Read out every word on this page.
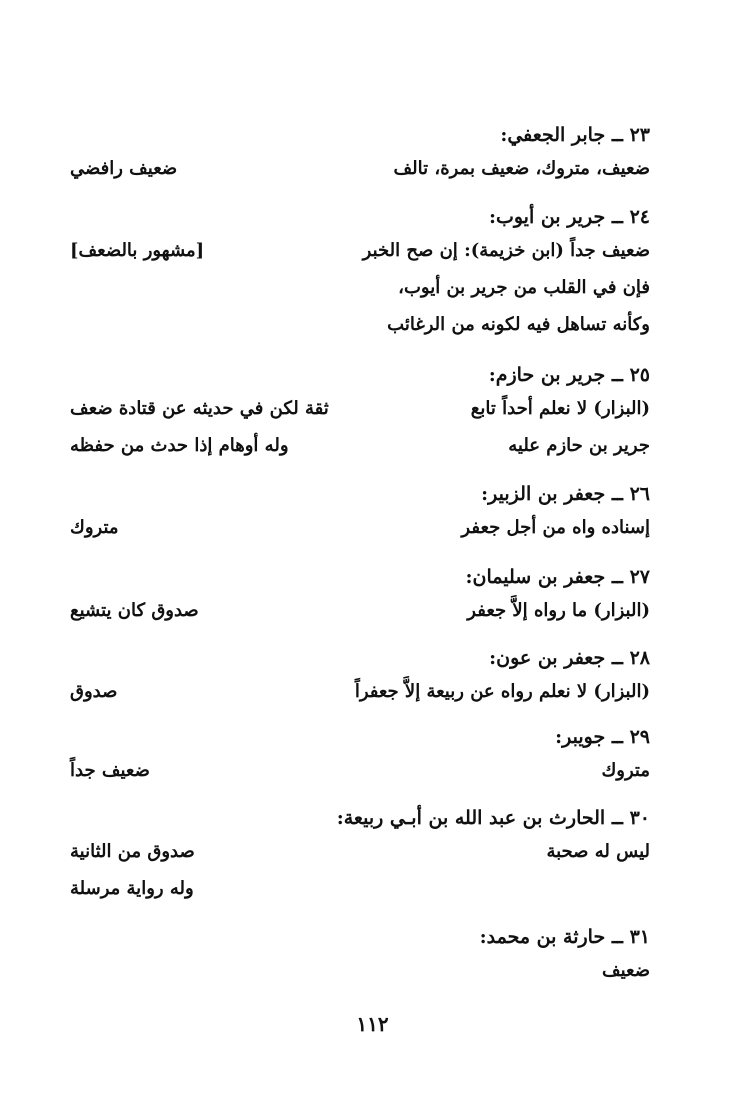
٢٣ ــ جابر الجعفي:
ضعيف، متروك، ضعيف بمرة، تالف
ضعيف رافضي
٢٤ ــ جرير بن أيوب:
ضعيف جداً (ابن خزيمة): إن صح الخبر
[مشهور بالضعف]
فإن في القلب من جرير بن أيوب،
وكأنه تساهل فيه لكونه من الرغائب
٢٥ ــ جرير بن حازم:
(البزار) لا نعلم أحداً تابع
ثقة لكن في حديثه عن قتادة ضعف
جرير بن حازم عليه
وله أوهام إذا حدث من حفظه
٢٦ ــ جعفر بن الزبير:
إسناده واه من أجل جعفر
متروك
٢٧ ــ جعفر بن سليمان:
(البزار) ما رواه إلاَّ جعفر
صدوق كان يتشيع
٢٨ ــ جعفر بن عون:
(البزار) لا نعلم رواه عن ربيعة إلاَّ جعفراً
صدوق
٢٩ ــ جويبر:
متروك
ضعيف جداً
٣٠ ــ الحارث بن عبد الله بن أبـي ربيعة:
ليس له صحبة
صدوق من الثانية
وله رواية مرسلة
٣١ ــ حارثة بن محمد:
ضعيف
١١٢
